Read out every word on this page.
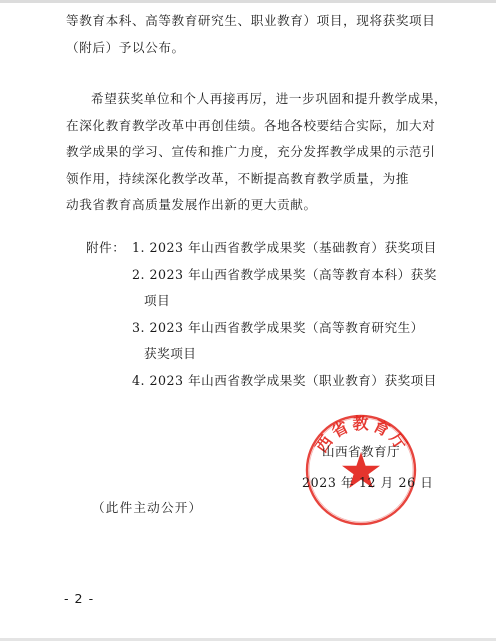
等教育本科、高等教育研究生、职业教育）项目，现将获奖项目
（附后）予以公布。
希望获奖单位和个人再接再厉，进一步巩固和提升教学成果，
在深化教育教学改革中再创佳绩。各地各校要结合实际，加大对
教学成果的学习、宣传和推广力度，充分发挥教学成果的示范引
领作用，持续深化教学改革，不断提高教育教学质量，为推
动我省教育高质量发展作出新的更大贡献。
附件： 1. 2023 年山西省教学成果奖（基础教育）获奖项目
2. 2023 年山西省教学成果奖（高等教育本科）获奖
项目
3. 2023 年山西省教学成果奖（高等教育研究生）
获奖项目
4. 2023 年山西省教学成果奖（职业教育）获奖项目
西省教育厅
山西省教育厅
2023 年 12 月 26 日
（此件主动公开）
- 2 -
